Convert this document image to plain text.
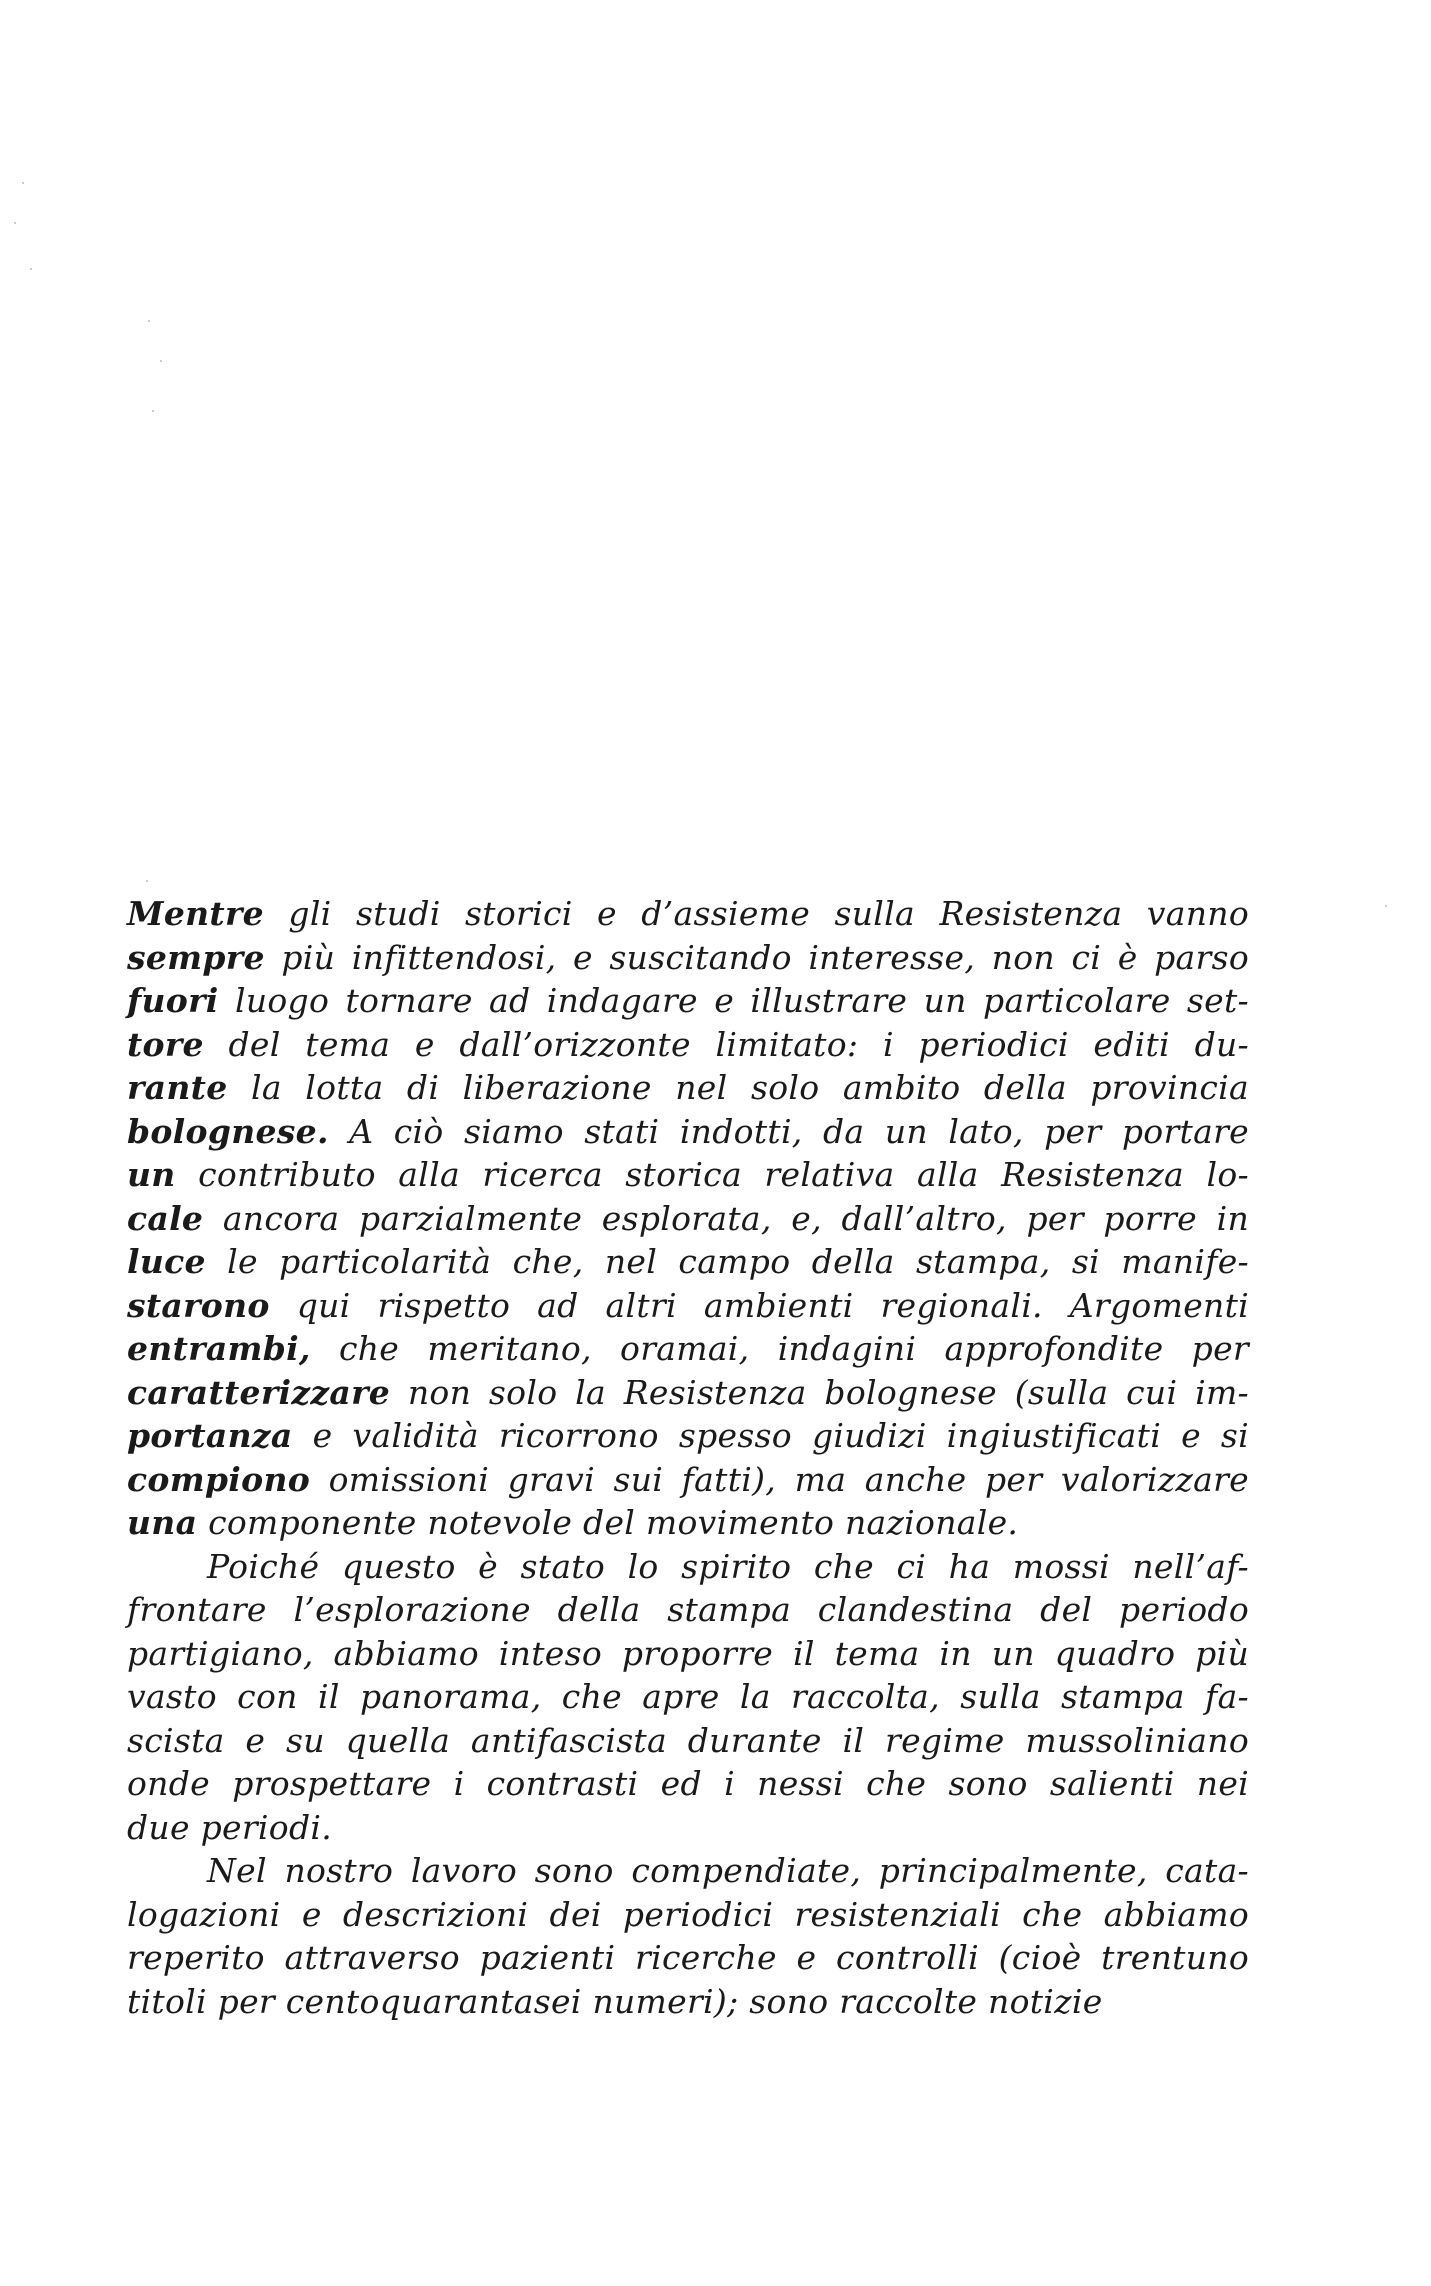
Mentre gli studi storici e d’assieme sulla Resistenza vanno
sempre più infittendosi, e suscitando interesse, non ci è parso
fuori luogo tornare ad indagare e illustrare un particolare set-
tore del tema e dall’orizzonte limitato: i periodici editi du-
rante la lotta di liberazione nel solo ambito della provincia
bolognese. A ciò siamo stati indotti, da un lato, per portare
un contributo alla ricerca storica relativa alla Resistenza lo-
cale ancora parzialmente esplorata, e, dall’altro, per porre in
luce le particolarità che, nel campo della stampa, si manife-
starono qui rispetto ad altri ambienti regionali. Argomenti
entrambi, che meritano, oramai, indagini approfondite per
caratterizzare non solo la Resistenza bolognese (sulla cui im-
portanza e validità ricorrono spesso giudizi ingiustificati e si
compiono omissioni gravi sui fatti), ma anche per valorizzare
una componente notevole del movimento nazionale.

Poiché questo è stato lo spirito che ci ha mossi nell’af-
frontare l’esplorazione della stampa clandestina del periodo
partigiano, abbiamo inteso proporre il tema in un quadro più
vasto con il panorama, che apre la raccolta, sulla stampa fa-
scista e su quella antifascista durante il regime mussoliniano
onde prospettare i contrasti ed i nessi che sono salienti nei
due periodi.

Nel nostro lavoro sono compendiate, principalmente, cata-
logazioni e descrizioni dei periodici resistenziali che abbiamo
reperito attraverso pazienti ricerche e controlli (cioè trentuno
titoli per centoquarantasei numeri); sono raccolte notizie
